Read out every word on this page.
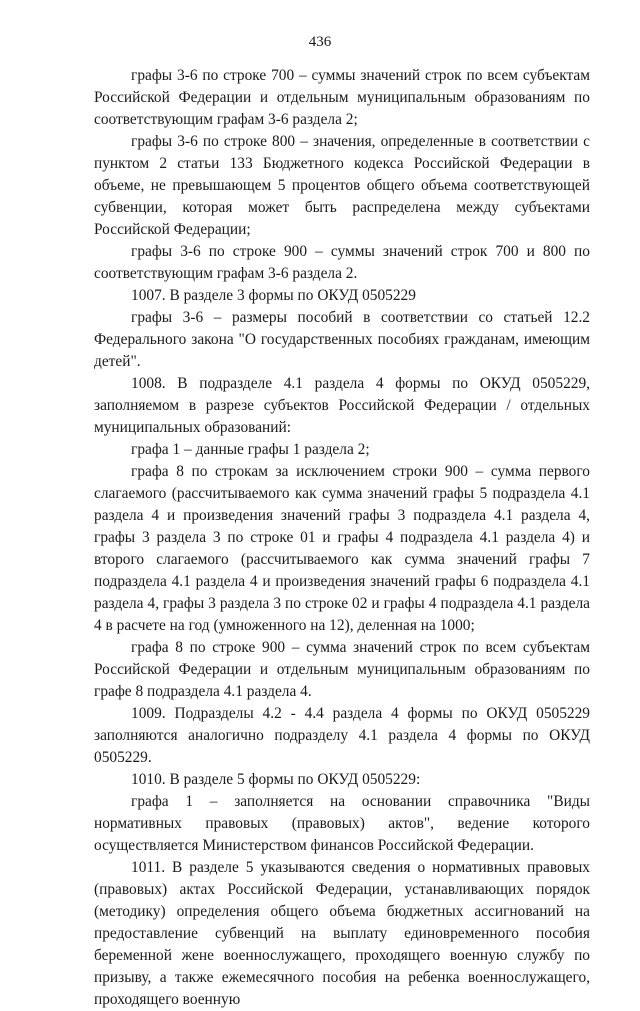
436

графы 3-6 по строке 700 – суммы значений строк по всем субъектам Российской Федерации и отдельным муниципальным образованиям по соответствующим графам 3-6 раздела 2;

графы 3-6 по строке 800 – значения, определенные в соответствии с пунктом 2 статьи 133 Бюджетного кодекса Российской Федерации в объеме, не превышающем 5 процентов общего объема соответствующей субвенции, которая может быть распределена между субъектами Российской Федерации;

графы 3-6 по строке 900 – суммы значений строк 700 и 800 по соответствующим графам 3-6 раздела 2.

1007. В разделе 3 формы по ОКУД 0505229

графы 3-6 – размеры пособий в соответствии со статьей 12.2 Федерального закона "О государственных пособиях гражданам, имеющим детей".

1008. В подразделе 4.1 раздела 4 формы по ОКУД 0505229, заполняемом в разрезе субъектов Российской Федерации / отдельных муниципальных образований:

графа 1 – данные графы 1 раздела 2;

графа 8 по строкам за исключением строки 900 – сумма первого слагаемого (рассчитываемого как сумма значений графы 5 подраздела 4.1 раздела 4 и произведения значений графы 3 подраздела 4.1 раздела 4, графы 3 раздела 3 по строке 01 и графы 4 подраздела 4.1 раздела 4) и второго слагаемого (рассчитываемого как сумма значений графы 7 подраздела 4.1 раздела 4 и произведения значений графы 6 подраздела 4.1 раздела 4, графы 3 раздела 3 по строке 02 и графы 4 подраздела 4.1 раздела 4 в расчете на год (умноженного на 12), деленная на 1000;

графа 8 по строке 900 – сумма значений строк по всем субъектам Российской Федерации и отдельным муниципальным образованиям по графе 8 подраздела 4.1 раздела 4.

1009. Подразделы 4.2 - 4.4 раздела 4 формы по ОКУД 0505229 заполняются аналогично подразделу 4.1 раздела 4 формы по ОКУД 0505229.

1010. В разделе 5 формы по ОКУД 0505229:

графа 1 – заполняется на основании справочника "Виды нормативных правовых (правовых) актов", ведение которого осуществляется Министерством финансов Российской Федерации.

1011. В разделе 5 указываются сведения о нормативных правовых (правовых) актах Российской Федерации, устанавливающих порядок (методику) определения общего объема бюджетных ассигнований на предоставление субвенций на выплату единовременного пособия беременной жене военнослужащего, проходящего военную службу по призыву, а также ежемесячного пособия на ребенка военнослужащего, проходящего военную
